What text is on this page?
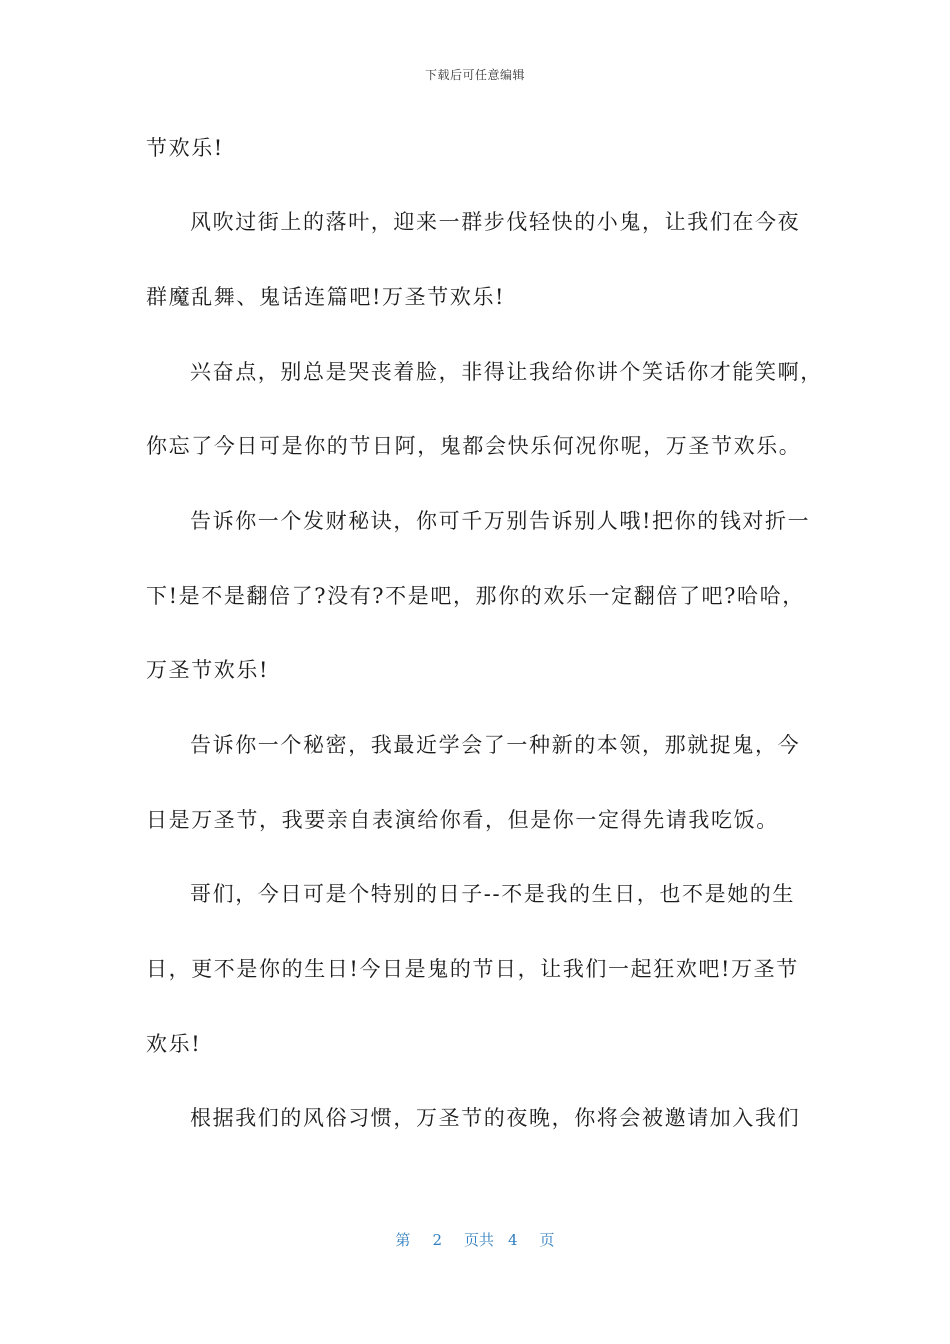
下载后可任意编辑
节欢乐!
风吹过街上的落叶，迎来一群步伐轻快的小鬼，让我们在今夜
群魔乱舞、鬼话连篇吧!万圣节欢乐!
兴奋点，别总是哭丧着脸，非得让我给你讲个笑话你才能笑啊，
你忘了今日可是你的节日阿，鬼都会快乐何况你呢，万圣节欢乐。
告诉你一个发财秘诀，你可千万别告诉别人哦!把你的钱对折一
下!是不是翻倍了?没有?不是吧，那你的欢乐一定翻倍了吧?哈哈，
万圣节欢乐!
告诉你一个秘密，我最近学会了一种新的本领，那就捉鬼，今
日是万圣节，我要亲自表演给你看，但是你一定得先请我吃饭。
哥们，今日可是个特别的日子--不是我的生日，也不是她的生
日，更不是你的生日!今日是鬼的节日，让我们一起狂欢吧!万圣节
欢乐!
根据我们的风俗习惯，万圣节的夜晚，你将会被邀请加入我们
第 2 页共 4 页
